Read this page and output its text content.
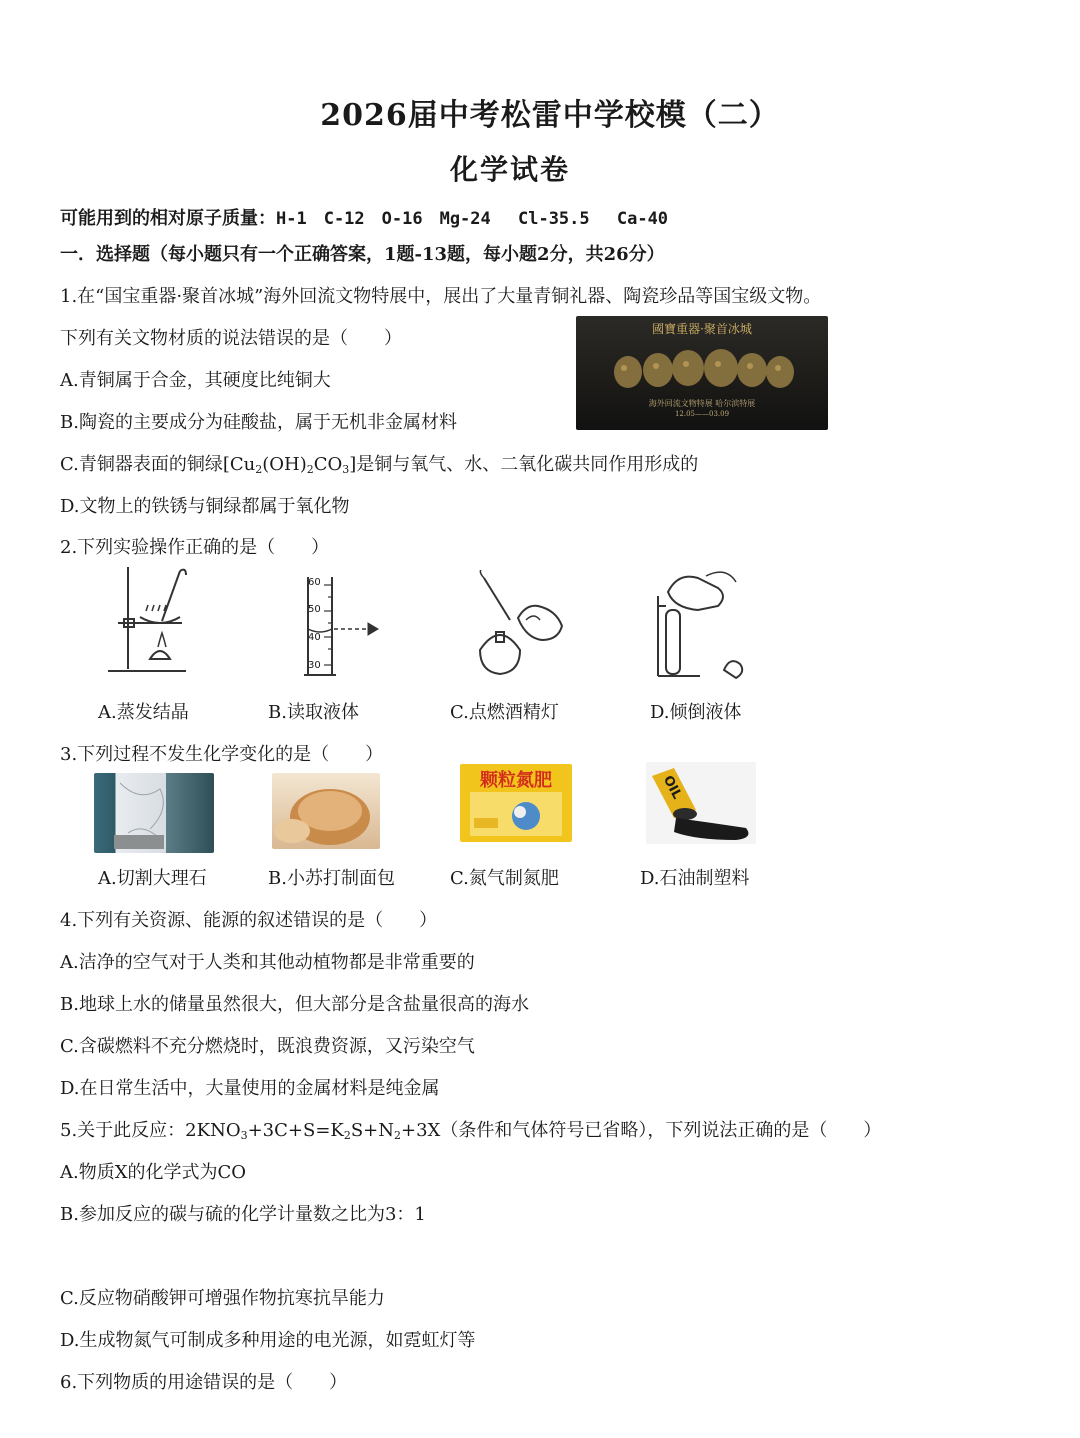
2026届中考松雷中学校模（二）
化学试卷
可能用到的相对原子质量：H-1　C-12　O-16　Mg-24　 Cl-35.5　 Ca-40
一．选择题（每小题只有一个正确答案，1题-13题，每小题2分，共26分）
1.在“国宝重器·聚首冰城”海外回流文物特展中，展出了大量青铜礼器、陶瓷珍品等国宝级文物。
下列有关文物材质的说法错误的是（　　）
A.青铜属于合金，其硬度比纯铜大
B.陶瓷的主要成分为硅酸盐，属于无机非金属材料
C.青铜器表面的铜绿$[Cu_2(OH)_2CO_3]$是铜与氧气、水、二氧化碳共同作用形成的
D.文物上的铁锈与铜绿都属于氧化物
國寶重器·聚首冰城
海外回流文物特展 哈尔滨特展
12.05——03.09
2.下列实验操作正确的是（　　）
A.蒸发结晶
60
50
40
30
B.读取液体	C.点燃酒精灯	D.倾倒液体
3.下列过程不发生化学变化的是（　　）
A.切割大理石	B.小苏打制面包
颗粒氮肥
C.氮气制氮肥
OIL
D.石油制塑料
4.下列有关资源、能源的叙述错误的是（　　）
A.洁净的空气对于人类和其他动植物都是非常重要的
B.地球上水的储量虽然很大，但大部分是含盐量很高的海水
C.含碳燃料不充分燃烧时，既浪费资源，又污染空气
D.在日常生活中，大量使用的金属材料是纯金属
5.关于此反应：$2KNO_3+3C+S=K_2S+N_2+3X$（条件和气体符号已省略），下列说法正确的是（　　）
A.物质X的化学式为CO
B.参加反应的碳与硫的化学计量数之比为3：1
C.反应物硝酸钾可增强作物抗寒抗旱能力
D.生成物氮气可制成多种用途的电光源，如霓虹灯等
6.下列物质的用途错误的是（　　）
